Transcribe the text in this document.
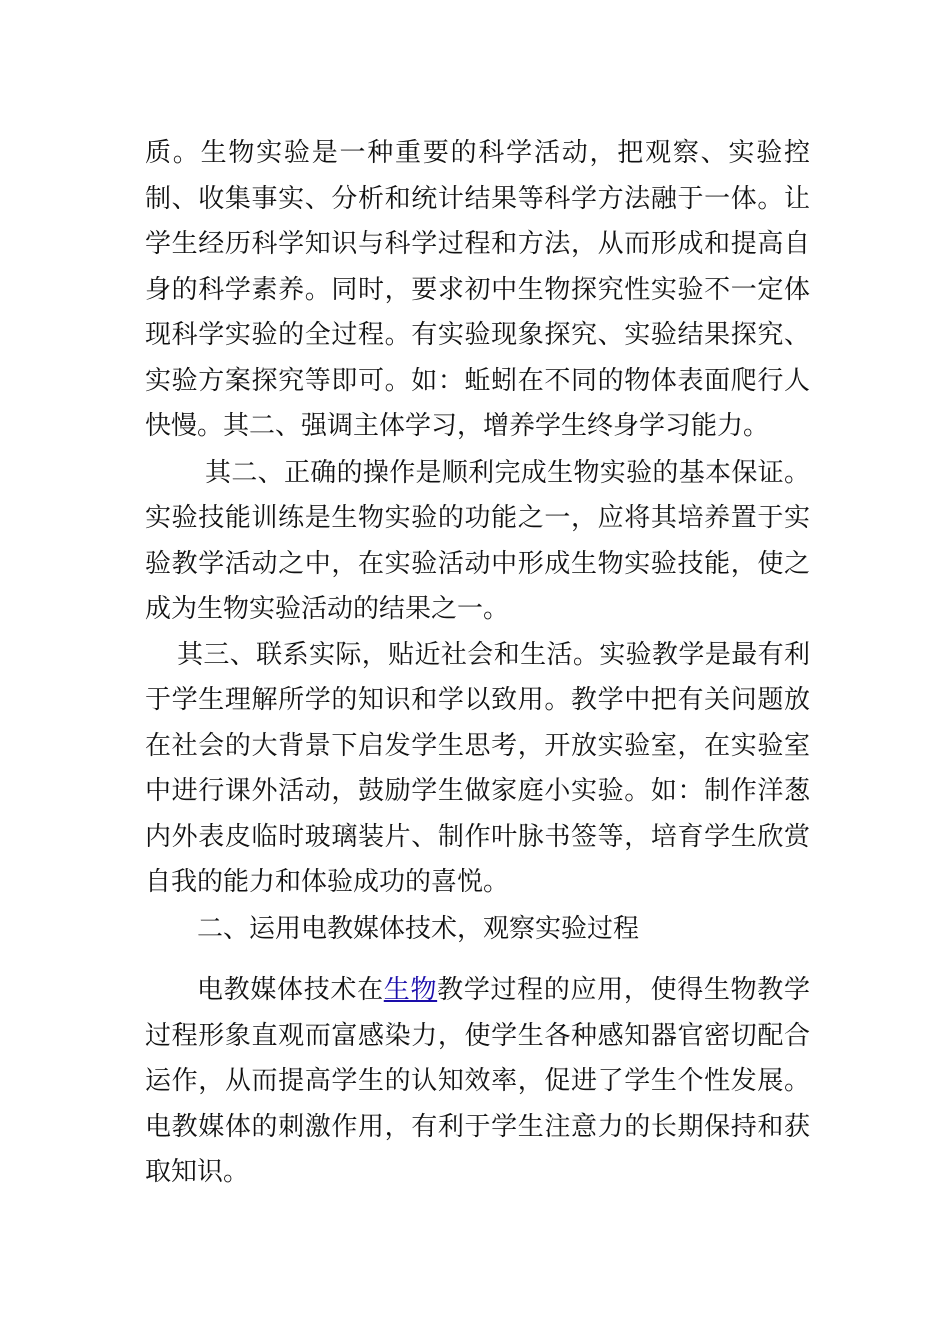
质。生物实验是一种重要的科学活动，把观察、实验控制、收集事实、分析和统计结果等科学方法融于一体。让学生经历科学知识与科学过程和方法，从而形成和提高自身的科学素养。同时，要求初中生物探究性实验不一定体现科学实验的全过程。有实验现象探究、实验结果探究、实验方案探究等即可。如：蚯蚓在不同的物体表面爬行人快慢。其二、强调主体学习，增养学生终身学习能力。

其二、正确的操作是顺利完成生物实验的基本保证。实验技能训练是生物实验的功能之一，应将其培养置于实验教学活动之中，在实验活动中形成生物实验技能，使之成为生物实验活动的结果之一。

其三、联系实际，贴近社会和生活。实验教学是最有利于学生理解所学的知识和学以致用。教学中把有关问题放在社会的大背景下启发学生思考，开放实验室，在实验室中进行课外活动，鼓励学生做家庭小实验。如：制作洋葱内外表皮临时玻璃装片、制作叶脉书签等，培育学生欣赏自我的能力和体验成功的喜悦。

二、运用电教媒体技术，观察实验过程

电教媒体技术在生物教学过程的应用，使得生物教学过程形象直观而富感染力，使学生各种感知器官密切配合运作，从而提高学生的认知效率，促进了学生个性发展。电教媒体的刺激作用，有利于学生注意力的长期保持和获取知识。
